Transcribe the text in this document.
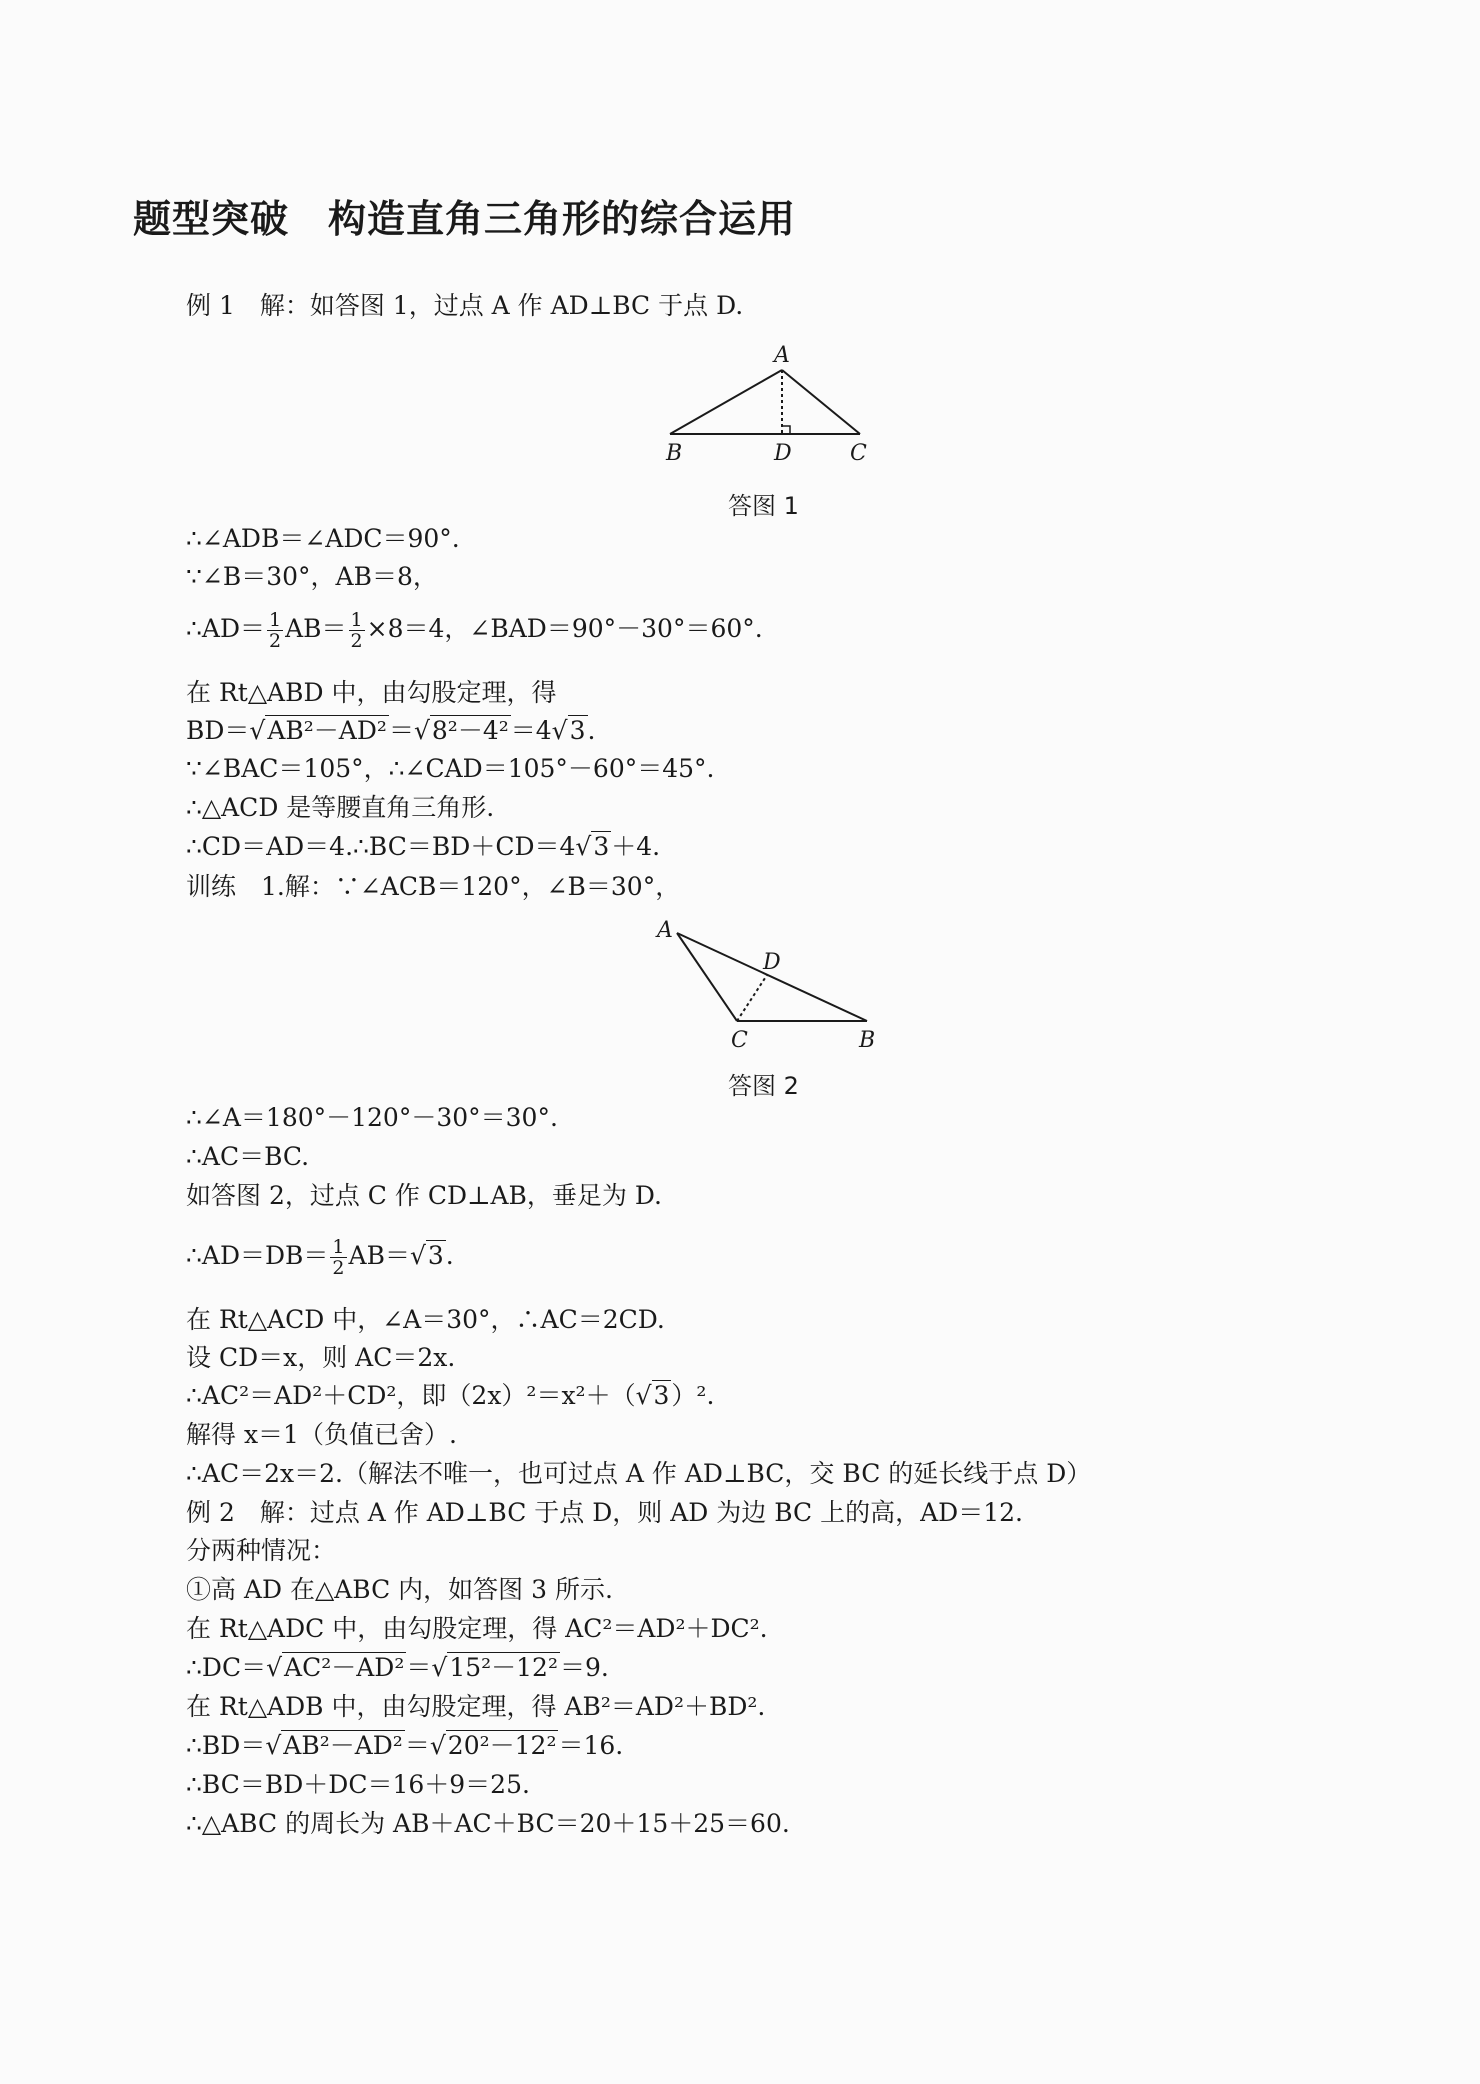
题型突破　构造直角三角形的综合运用
例 1　解：如答图 1，过点 A 作 AD⊥BC 于点 D.
A
B	D	C
答图 1
∴∠ADB＝∠ADC＝90°.
∵∠B＝30°，AB＝8，
∴AD＝ $\frac{1}{2} AB= \frac{1}{2} \times 8=4$，∠BAD＝90°－30°＝60°.
在 Rt△ABD 中，由勾股定理，得
BD＝√AB²－AD²＝√8²－4²＝4√3.
∵∠BAC＝105°，∴∠CAD＝105°－60°＝45°.
∴△ACD 是等腰直角三角形.
∴CD＝AD＝4.∴BC＝BD＋CD＝4√3＋4.
训练　1.解：∵∠ACB＝120°，∠B＝30°，
A
D
C	B
答图 2
∴∠A＝180°－120°－30°＝30°.
∴AC＝BC.
如答图 2，过点 C 作 CD⊥AB，垂足为 D.
∴AD＝DB＝ $\frac{1}{2} AB=√3$.
在 Rt△ACD 中，∠A＝30°，∴AC＝2CD.
设 CD＝x，则 AC＝2x.
∴AC²＝AD²＋CD²，即（2x）²＝x²＋（√3）².
解得 x＝1（负值已舍）.
∴AC＝2x＝2.（解法不唯一，也可过点 A 作 AD⊥BC，交 BC 的延长线于点 D）
例 2　解：过点 A 作 AD⊥BC 于点 D，则 AD 为边 BC 上的高，AD＝12.
分两种情况：
①高 AD 在△ABC 内，如答图 3 所示.
在 Rt△ADC 中，由勾股定理，得 AC²＝AD²＋DC².
∴DC＝√AC²－AD²＝√15²－12²＝9.
在 Rt△ADB 中，由勾股定理，得 AB²＝AD²＋BD².
∴BD＝√AB²－AD²＝√20²－12²＝16.
∴BC＝BD＋DC＝16＋9＝25.
∴△ABC 的周长为 AB＋AC＋BC＝20＋15＋25＝60.
